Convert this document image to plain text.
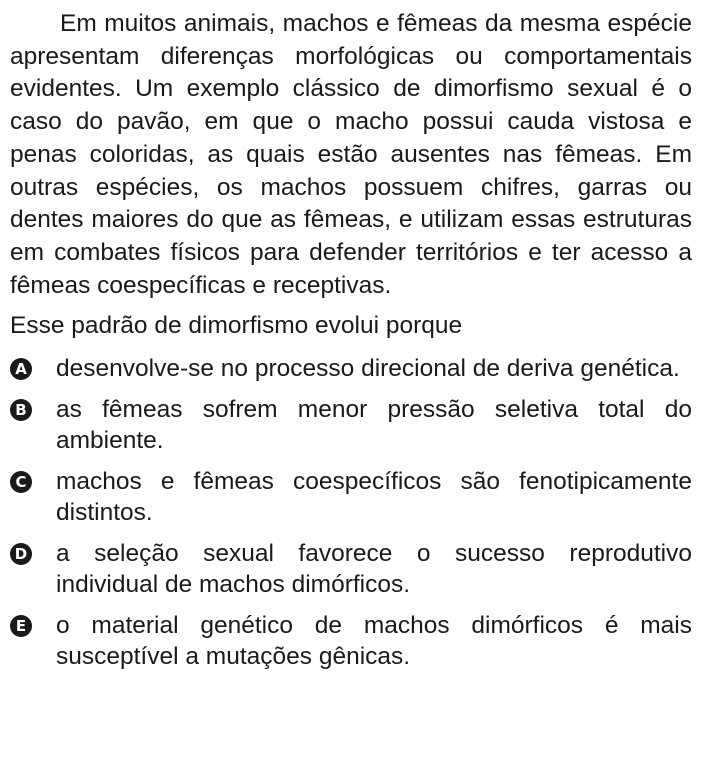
Em muitos animais, machos e fêmeas da mesma espécie apresentam diferenças morfológicas ou comportamentais evidentes. Um exemplo clássico de dimorfismo sexual é o caso do pavão, em que o macho possui cauda vistosa e penas coloridas, as quais estão ausentes nas fêmeas. Em outras espécies, os machos possuem chifres, garras ou dentes maiores do que as fêmeas, e utilizam essas estruturas em combates físicos para defender territórios e ter acesso a fêmeas coespecíficas e receptivas.

Esse padrão de dimorfismo evolui porque

A desenvolve-se no processo direcional de deriva genética.
B as fêmeas sofrem menor pressão seletiva total do ambiente.
C machos e fêmeas coespecíficos são fenotipicamente distintos.
D a seleção sexual favorece o sucesso reprodutivo individual de machos dimórficos.
E o material genético de machos dimórficos é mais susceptível a mutações gênicas.
